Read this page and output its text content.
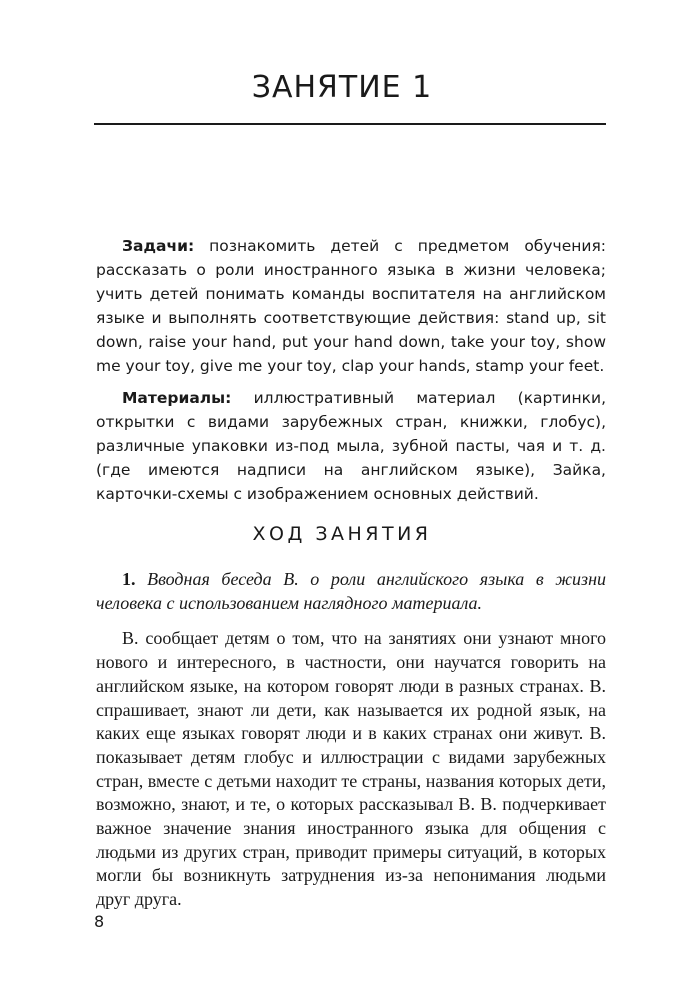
ЗАНЯТИЕ 1

Задачи: познакомить детей с предметом обучения: рассказать о роли иностранного языка в жизни человека; учить детей понимать команды воспитателя на английском языке и выполнять соответствующие действия: stand up, sit down, raise your hand, put your hand down, take your toy, show me your toy, give me your toy, clap your hands, stamp your feet.

Материалы: иллюстративный материал (картинки, открытки с видами зарубежных стран, книжки, глобус), различные упаковки из-под мыла, зубной пасты, чая и т. д. (где имеются надписи на английском языке), Зайка, карточки-схемы с изображением основных действий.

ХОД ЗАНЯТИЯ

1. Вводная беседа В. о роли английского языка в жизни человека с использованием наглядного материала.

В. сообщает детям о том, что на занятиях они узнают много нового и интересного, в частности, они научатся говорить на английском языке, на котором говорят люди в разных странах. В. спрашивает, знают ли дети, как называется их родной язык, на каких еще языках говорят люди и в каких странах они живут. В. показывает детям глобус и иллюстрации с видами зарубежных стран, вместе с детьми находит те страны, названия которых дети, возможно, знают, и те, о которых рассказывал В. В. подчеркивает важное значение знания иностранного языка для общения с людьми из других стран, приводит примеры ситуаций, в которых могли бы возникнуть затруднения из-за непонимания людьми друг друга.

8
